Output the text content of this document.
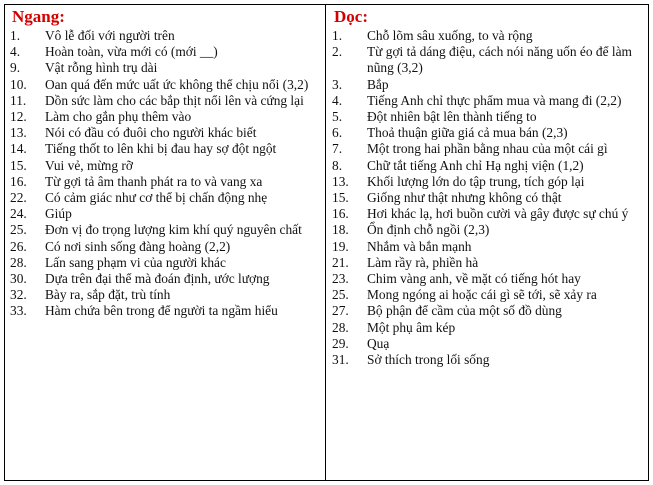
Ngang:
1. Vô lễ đối với người trên
4. Hoàn toàn, vừa mới có (mới __)
9. Vật rỗng hình trụ dài
10. Oan quá đến mức uất ức không thể chịu nổi (3,2)
11. Dồn sức làm cho các bắp thịt nổi lên và cứng lại
12. Làm cho gắn phụ thêm vào
13. Nói có đầu có đuôi cho người khác biết
14. Tiếng thốt to lên khi bị đau hay sợ đột ngột
15. Vui vẻ, mừng rỡ
16. Từ gợi tả âm thanh phát ra to và vang xa
22. Có cảm giác như cơ thể bị chấn động nhẹ
24. Giúp
25. Đơn vị đo trọng lượng kim khí quý nguyên chất
26. Có nơi sinh sống đàng hoàng (2,2)
28. Lấn sang phạm vi của người khác
30. Dựa trên đại thể mà đoán định, ước lượng
32. Bày ra, sắp đặt, trù tính
33. Hàm chứa bên trong để người ta ngầm hiểu
Dọc:
1. Chỗ lõm sâu xuống, to và rộng
2. Từ gợi tả dáng điệu, cách nói năng uốn éo để làm nũng (3,2)
3. Bắp
4. Tiếng Anh chỉ thực phẩm mua và mang đi (2,2)
5. Đột nhiên bật lên thành tiếng to
6. Thoả thuận giữa giá cả mua bán (2,3)
7. Một trong hai phần bằng nhau của một cái gì
8. Chữ tắt tiếng Anh chỉ Hạ nghị viện (1,2)
13. Khối lượng lớn do tập trung, tích góp lại
15. Giống như thật nhưng không có thật
16. Hơi khác lạ, hơi buồn cười và gây được sự chú ý
18. Ổn định chỗ ngồi (2,3)
19. Nhắm và bắn mạnh
21. Làm rầy rà, phiền hà
23. Chim vàng anh, về mặt có tiếng hót hay
25. Mong ngóng ai hoặc cái gì sẽ tới, sẽ xảy ra
27. Bộ phận để cầm của một số đồ dùng
28. Một phụ âm kép
29. Quạ
31. Sở thích trong lối sống
